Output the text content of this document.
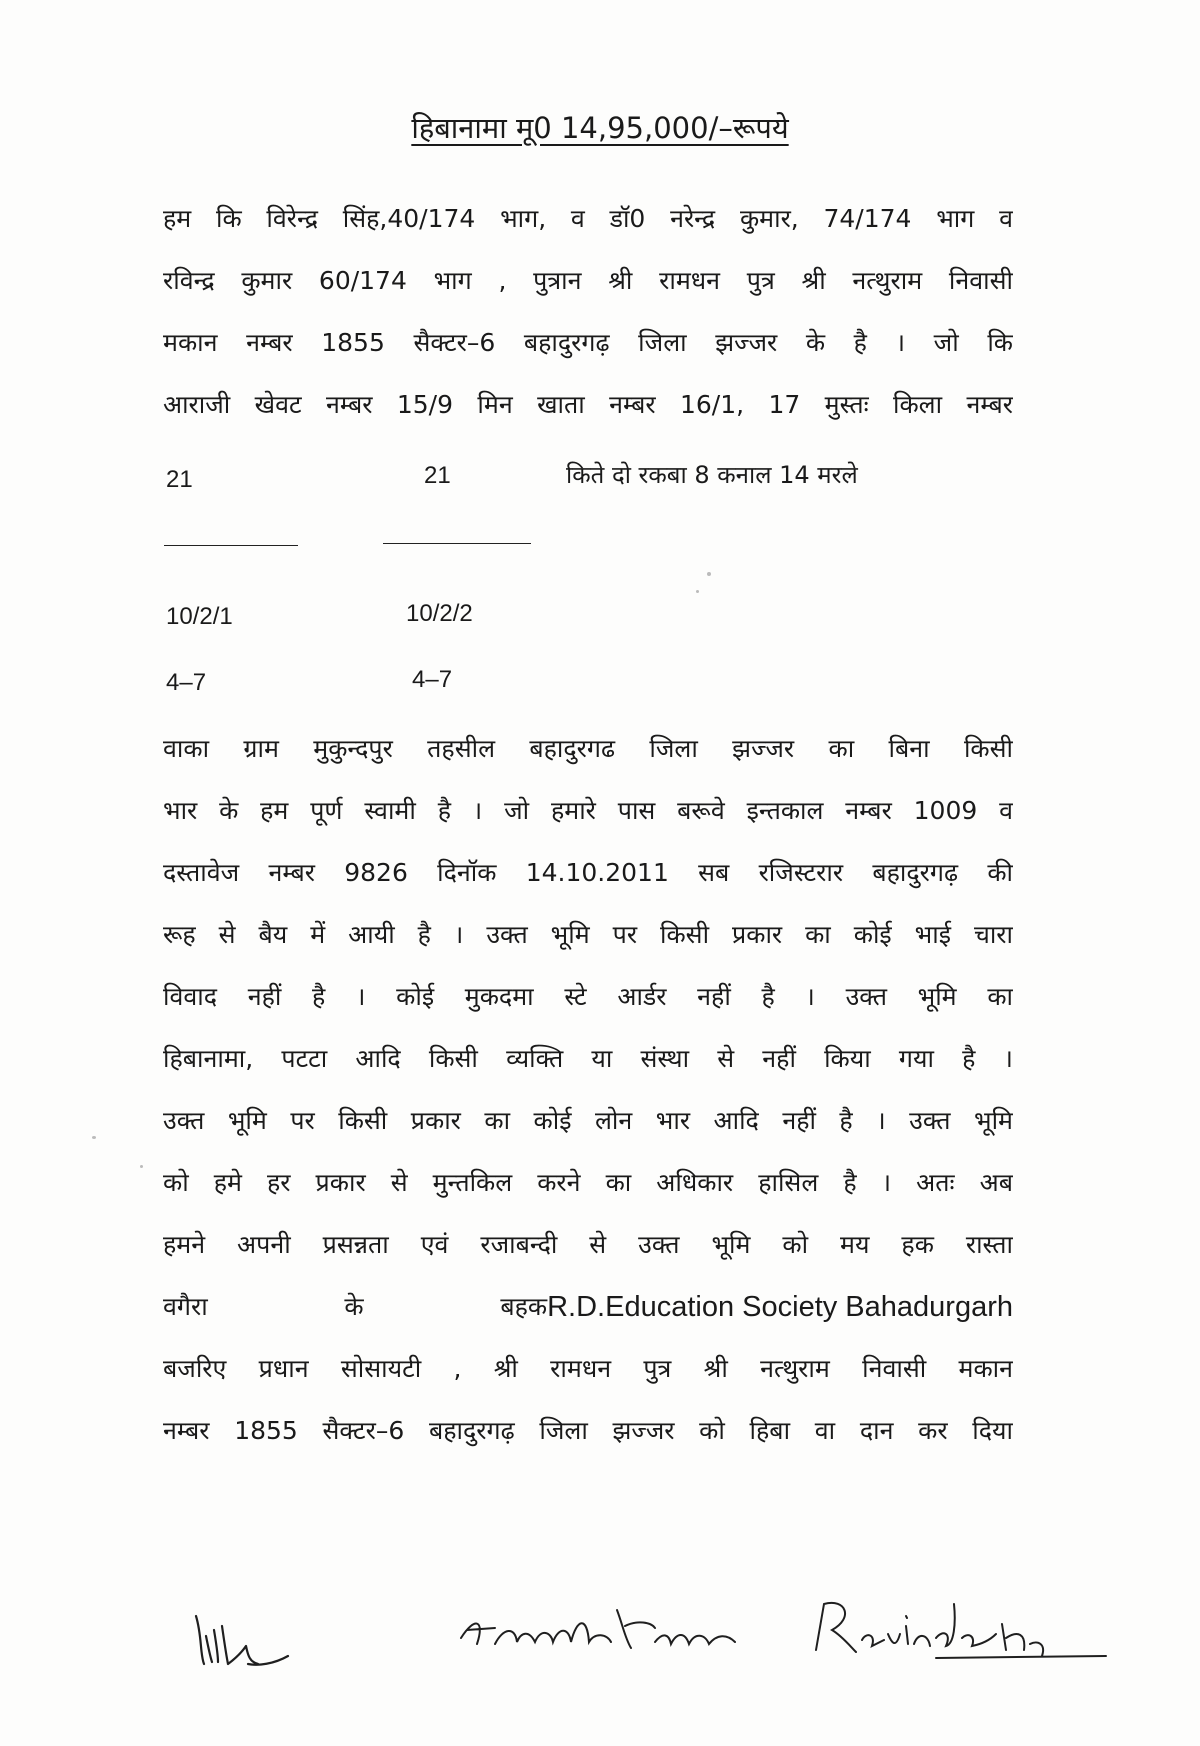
हिबानामा मू0 14,95,000/–रूपये
हम कि विरेन्द्र सिंह,40/174 भाग, व डॉ0 नरेन्द्र कुमार, 74/174 भाग व
रविन्द्र कुमार 60/174 भाग , पुत्रान श्री रामधन पुत्र श्री नत्थुराम निवासी
मकान नम्बर 1855 सैक्टर–6 बहादुरगढ़ जिला झज्जर के है । जो कि
आराजी खेवट नम्बर 15/9 मिन खाता नम्बर 16/1, 17 मुस्तः किला नम्बर
21	21	किते दो रकबा 8 कनाल 14 मरले
10/2/1	10/2/2
4–7	4–7
वाका ग्राम मुकुन्दपुर तहसील बहादुरगढ जिला झज्जर का बिना किसी
भार के हम पूर्ण स्वामी है । जो हमारे पास बरूवे इन्तकाल नम्बर 1009 व
दस्तावेज नम्बर 9826 दिनॉक 14.10.2011 सब रजिस्टरार बहादुरगढ़ की
रूह से बैय में आयी है । उक्त भूमि पर किसी प्रकार का कोई भाई चारा
विवाद नहीं है । कोई मुकदमा स्टे आर्डर नहीं है । उक्त भूमि का
हिबानामा, पटटा आदि किसी व्यक्ति या संस्था से नहीं किया गया है ।
उक्त भूमि पर किसी प्रकार का कोई लोन भार आदि नहीं है । उक्त भूमि
को हमे हर प्रकार से मुन्तकिल करने का अधिकार हासिल है । अतः अब
हमने अपनी प्रसन्नता एवं रजाबन्दी से उक्त भूमि को मय हक रास्ता
वगैरा के बहक R.D.Education Society Bahadurgarh
बजरिए प्रधान सोसायटी , श्री रामधन पुत्र श्री नत्थुराम निवासी मकान
नम्बर 1855 सैक्टर–6 बहादुरगढ़ जिला झज्जर को हिबा वा दान कर दिया
